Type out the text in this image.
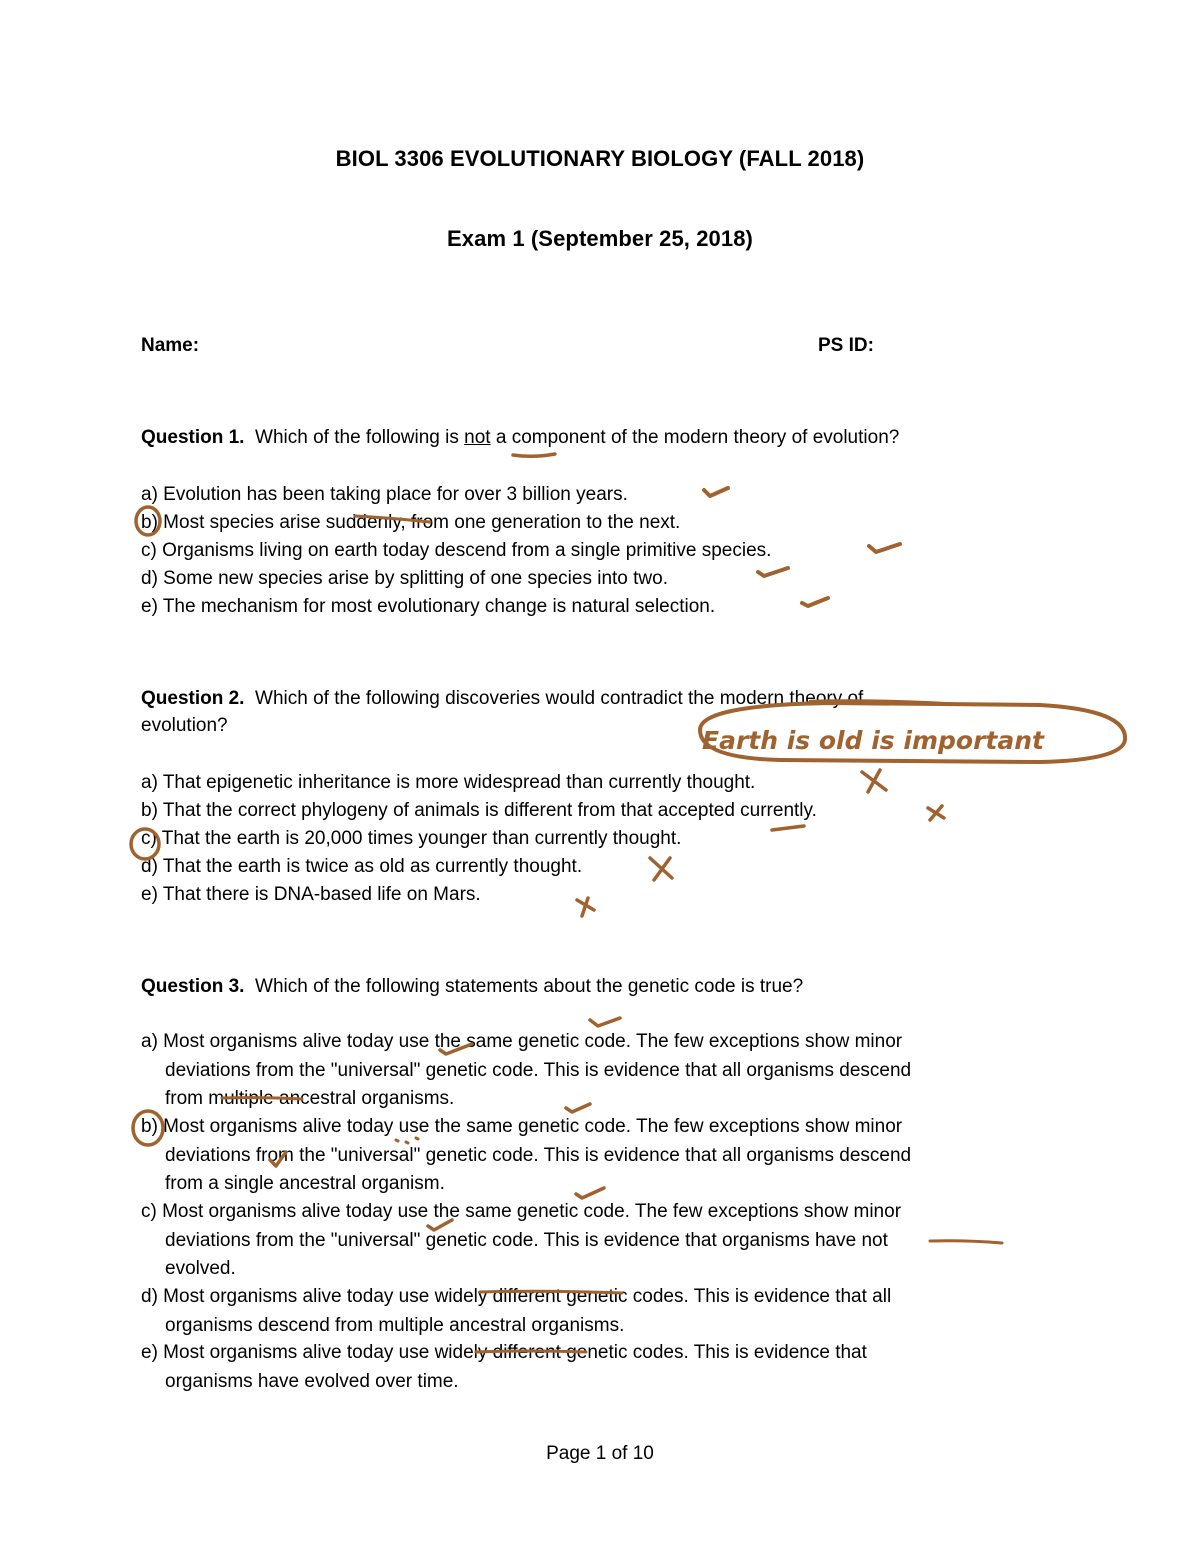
BIOL 3306 EVOLUTIONARY BIOLOGY (FALL 2018)
Exam 1 (September 25, 2018)
Name:	PS ID:
Question 1. Which of the following is not a component of the modern theory of evolution?
a) Evolution has been taking place for over 3 billion years.
b) Most species arise suddenly, from one generation to the next.
c) Organisms living on earth today descend from a single primitive species.
d) Some new species arise by splitting of one species into two.
e) The mechanism for most evolutionary change is natural selection.
Question 2. Which of the following discoveries would contradict the modern theory of
evolution?
a) That epigenetic inheritance is more widespread than currently thought.
b) That the correct phylogeny of animals is different from that accepted currently.
c) That the earth is 20,000 times younger than currently thought.
d) That the earth is twice as old as currently thought.
e) That there is DNA-based life on Mars.
Question 3. Which of the following statements about the genetic code is true?
a) Most organisms alive today use the same genetic code. The few exceptions show minor
deviations from the "universal" genetic code. This is evidence that all organisms descend
from multiple ancestral organisms.
b) Most organisms alive today use the same genetic code. The few exceptions show minor
deviations from the "universal" genetic code. This is evidence that all organisms descend
from a single ancestral organism.
c) Most organisms alive today use the same genetic code. The few exceptions show minor
deviations from the "universal" genetic code. This is evidence that organisms have not
evolved.
d) Most organisms alive today use widely different genetic codes. This is evidence that all
organisms descend from multiple ancestral organisms.
e) Most organisms alive today use widely different genetic codes. This is evidence that
organisms have evolved over time.
Page 1 of 10
Earth is old is important
